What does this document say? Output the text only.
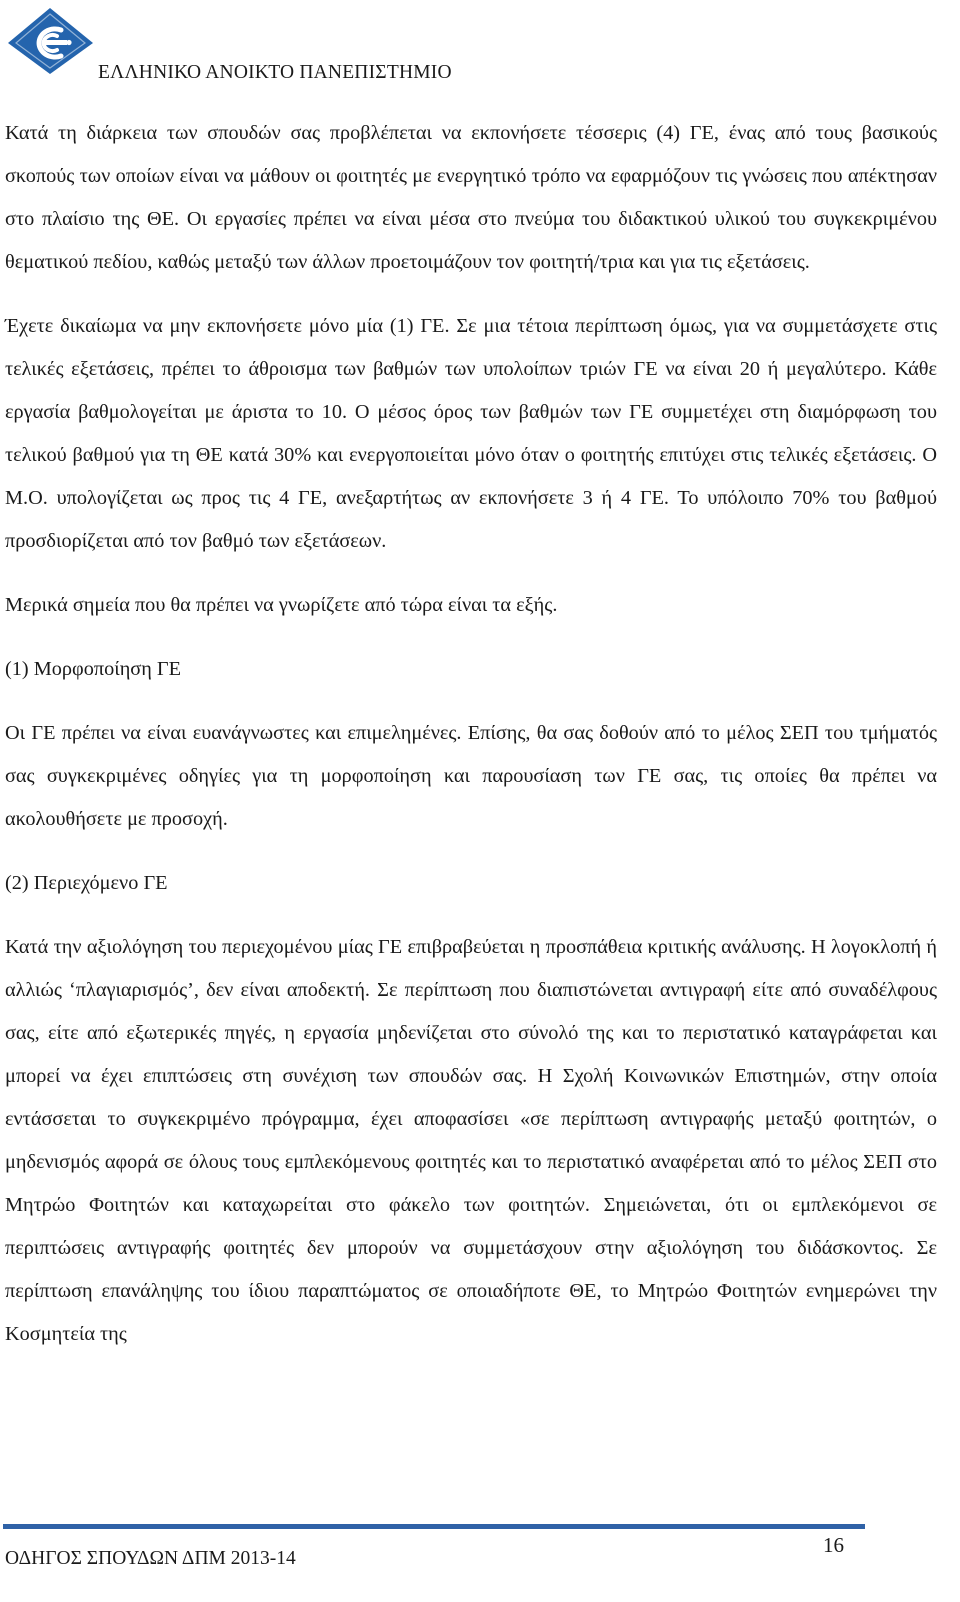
ΕΛΛΗΝΙΚΟ ΑΝΟΙΚΤΟ ΠΑΝΕΠΙΣΤΗΜΙΟ

Κατά τη διάρκεια των σπουδών σας προβλέπεται να εκπονήσετε τέσσερις (4) ΓΕ, ένας από τους βασικούς σκοπούς των οποίων είναι να μάθουν οι φοιτητές με ενεργητικό τρόπο να εφαρμόζουν τις γνώσεις που απέκτησαν στο πλαίσιο της ΘΕ. Οι εργασίες πρέπει να είναι μέσα στο πνεύμα του διδακτικού υλικού του συγκεκριμένου θεματικού πεδίου, καθώς μεταξύ των άλλων προετοιμάζουν τον φοιτητή/τρια και για τις εξετάσεις.

Έχετε δικαίωμα να μην εκπονήσετε μόνο μία (1) ΓΕ. Σε μια τέτοια περίπτωση όμως, για να συμμετάσχετε στις τελικές εξετάσεις, πρέπει το άθροισμα των βαθμών των υπολοίπων τριών ΓΕ να είναι 20 ή μεγαλύτερο. Κάθε εργασία βαθμολογείται με άριστα το 10. Ο μέσος όρος των βαθμών των ΓΕ συμμετέχει στη διαμόρφωση του τελικού βαθμού για τη ΘΕ κατά 30% και ενεργοποιείται μόνο όταν ο φοιτητής επιτύχει στις τελικές εξετάσεις. Ο Μ.Ο. υπολογίζεται ως προς τις 4 ΓΕ, ανεξαρτήτως αν εκπονήσετε 3 ή 4 ΓΕ. Το υπόλοιπο 70% του βαθμού προσδιορίζεται από τον βαθμό των εξετάσεων.

Μερικά σημεία που θα πρέπει να γνωρίζετε από τώρα είναι τα εξής.

(1) Μορφοποίηση ΓΕ

Οι ΓΕ πρέπει να είναι ευανάγνωστες και επιμελημένες. Επίσης, θα σας δοθούν από το μέλος ΣΕΠ του τμήματός σας συγκεκριμένες οδηγίες για τη μορφοποίηση και παρουσίαση των ΓΕ σας, τις οποίες θα πρέπει να ακολουθήσετε με προσοχή.

(2) Περιεχόμενο ΓΕ

Κατά την αξιολόγηση του περιεχομένου μίας ΓΕ επιβραβεύεται η προσπάθεια κριτικής ανάλυσης. Η λογοκλοπή ή αλλιώς ‘πλαγιαρισμός’, δεν είναι αποδεκτή. Σε περίπτωση που διαπιστώνεται αντιγραφή είτε από συναδέλφους σας, είτε από εξωτερικές πηγές, η εργασία μηδενίζεται στο σύνολό της και το περιστατικό καταγράφεται και μπορεί να έχει επιπτώσεις στη συνέχιση των σπουδών σας. Η Σχολή Κοινωνικών Επιστημών, στην οποία εντάσσεται το συγκεκριμένο πρόγραμμα, έχει αποφασίσει «σε περίπτωση αντιγραφής μεταξύ φοιτητών, ο μηδενισμός αφορά σε όλους τους εμπλεκόμενους φοιτητές και το περιστατικό αναφέρεται από το μέλος ΣΕΠ στο Μητρώο Φοιτητών και καταχωρείται στο φάκελο των φοιτητών. Σημειώνεται, ότι οι εμπλεκόμενοι σε περιπτώσεις αντιγραφής φοιτητές δεν μπορούν να συμμετάσχουν στην αξιολόγηση του διδάσκοντος. Σε περίπτωση επανάληψης του ίδιου παραπτώματος σε οποιαδήποτε ΘΕ, το Μητρώο Φοιτητών ενημερώνει την Κοσμητεία της

16
ΟΔΗΓΟΣ ΣΠΟΥΔΩΝ ΔΠΜ 2013-14
